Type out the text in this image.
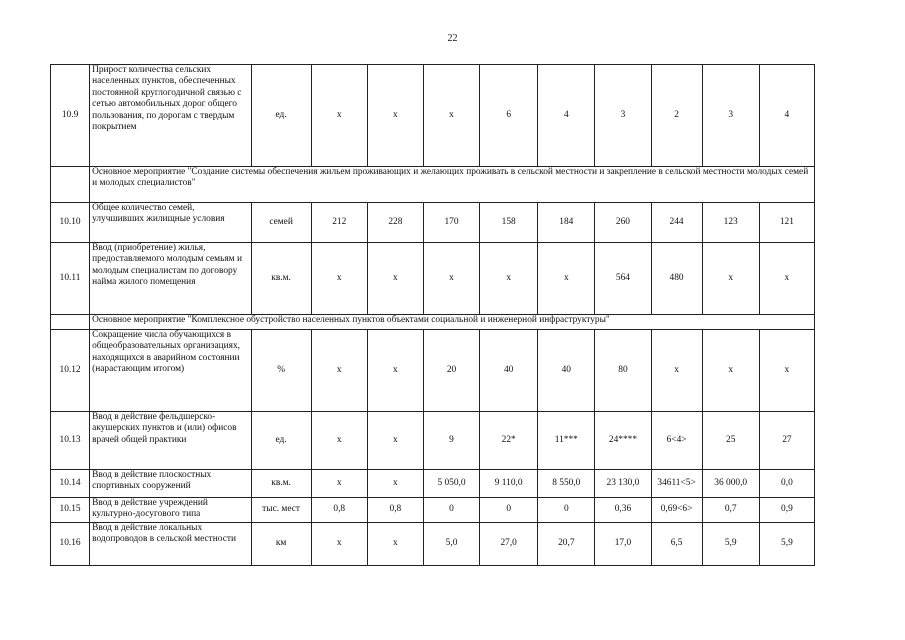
22
10.9	Прирост количества сельских населенных пунктов, обеспеченных постоянной круглогодичной связью с сетью автомобильных дорог общего пользования, по дорогам с твердым покрытием	ед.	х	х	х	6	4	3	2	3	4
	Основное мероприятие "Создание системы обеспечения жильем проживающих и желающих проживать в сельской местности и закрепление в сельской местности молодых семей и молодых специалистов"										
10.10	Общее количество семей, улучшивших жилищные условия	семей	212	228	170	158	184	260	244	123	121
10.11	Ввод (приобретение) жилья, предоставляемого молодым семьям и молодым специалистам по договору найма жилого помещения	кв.м.	х	х	х	х	х	564	480	х	х
	Основное мероприятие "Комплексное обустройство населенных пунктов объектами социальной и инженерной инфраструктуры"										
10.12	Сокращение числа обучающихся в общеобразовательных организациях, находящихся в аварийном состоянии (нарастающим итогом)	%	х	х	20	40	40	80	х	х	х
10.13	Ввод в действие фельдшерско-акушерских пунктов и (или) офисов врачей общей практики	ед.	х	х	9	22*	11***	24****	6<4>	25	27
10.14	Ввод в действие плоскостных спортивных сооружений	кв.м.	х	х	5 050,0	9 110,0	8 550,0	23 130,0	34611<5>	36 000,0	0,0
10.15	Ввод в действие учреждений культурно-досугового типа	тыс. мест	0,8	0,8	0	0	0	0,36	0,69<6>	0,7	0,9
10.16	Ввод в действие локальных водопроводов в сельской местности	км	х	х	5,0	27,0	20,7	17,0	6,5	5,9	5,9
